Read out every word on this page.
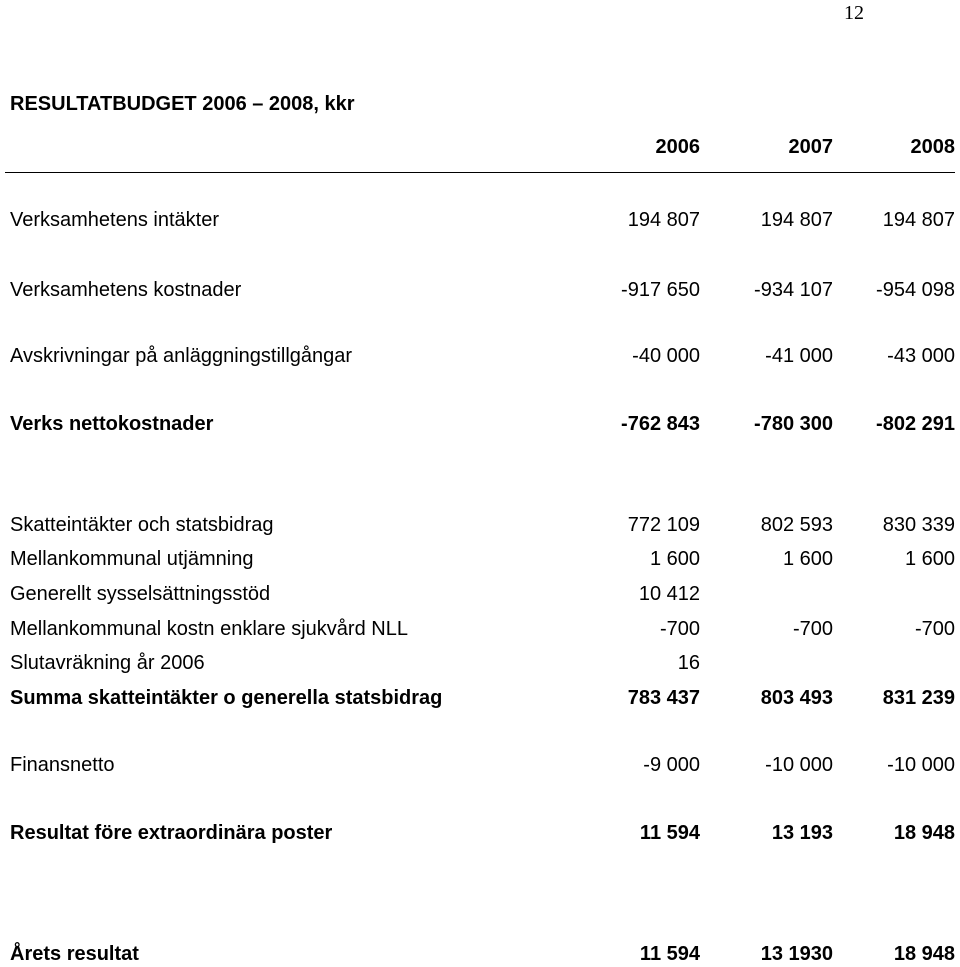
12
RESULTATBUDGET 2006 – 2008, kkr
2006	2007	2008
Verksamhetens intäkter	194 807	194 807	194 807
Verksamhetens kostnader	-917 650	-934 107	-954 098
Avskrivningar på anläggningstillgångar	-40 000	-41 000	-43 000
Verks nettokostnader	-762 843	-780 300	-802 291
Skatteintäkter och statsbidrag	772 109	802 593	830 339
Mellankommunal utjämning	1 600	1 600	1 600
Generellt sysselsättningsstöd	10 412
Mellankommunal kostn enklare sjukvård NLL	-700	-700	-700
Slutavräkning år 2006	16
Summa skatteintäkter o generella statsbidrag	783 437	803 493	831 239
Finansnetto	-9 000	-10 000	-10 000
Resultat före extraordinära poster	11 594	13 193	18 948
Årets resultat	11 594	13 1930	18 948
